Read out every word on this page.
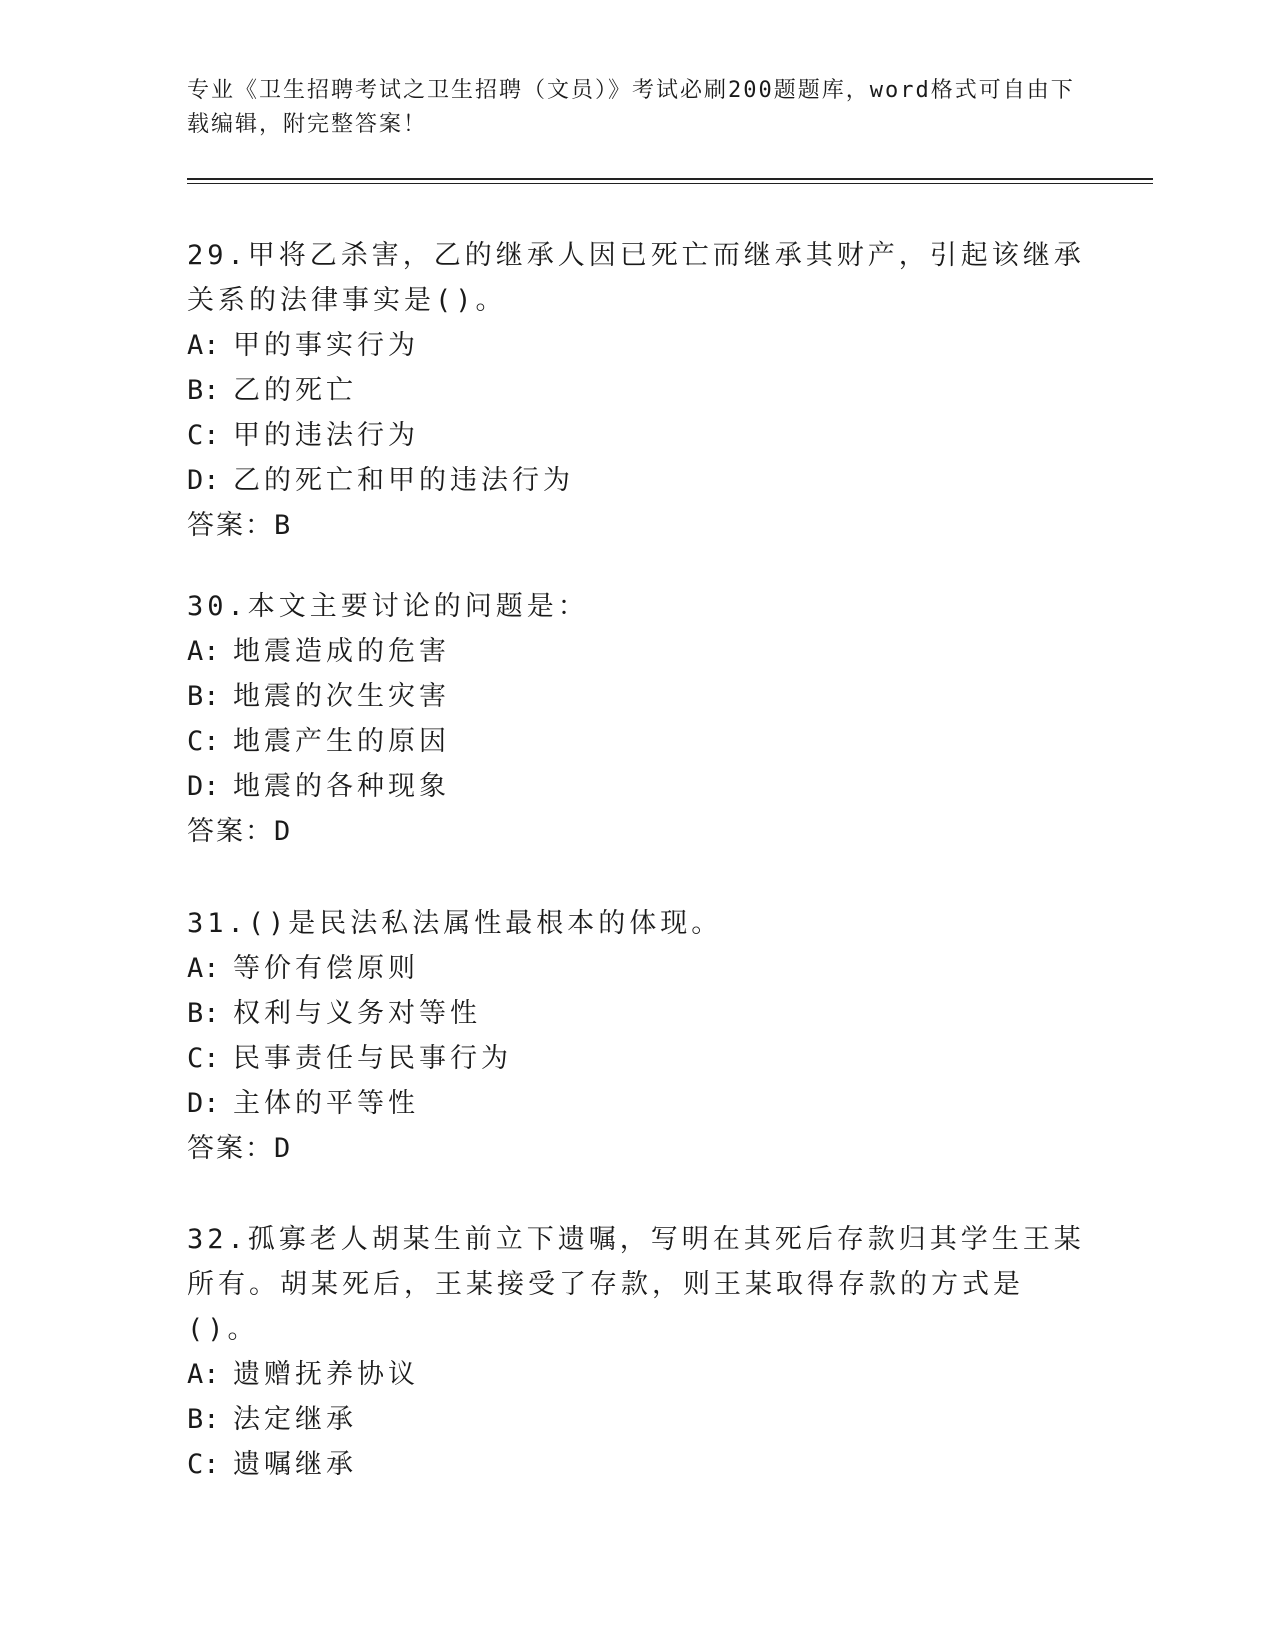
专业《卫生招聘考试之卫生招聘（文员）》考试必刷200题题库，word格式可自由下载编辑，附完整答案！
29.甲将乙杀害，乙的继承人因已死亡而继承其财产，引起该继承关系的法律事实是()。
A: 甲的事实行为
B: 乙的死亡
C: 甲的违法行为
D: 乙的死亡和甲的违法行为
答案：B
30.本文主要讨论的问题是：
A: 地震造成的危害
B: 地震的次生灾害
C: 地震产生的原因
D: 地震的各种现象
答案：D
31.()是民法私法属性最根本的体现。
A: 等价有偿原则
B: 权利与义务对等性
C: 民事责任与民事行为
D: 主体的平等性
答案：D
32.孤寡老人胡某生前立下遗嘱，写明在其死后存款归其学生王某所有。胡某死后，王某接受了存款，则王某取得存款的方式是()。
A: 遗赠抚养协议
B: 法定继承
C: 遗嘱继承
